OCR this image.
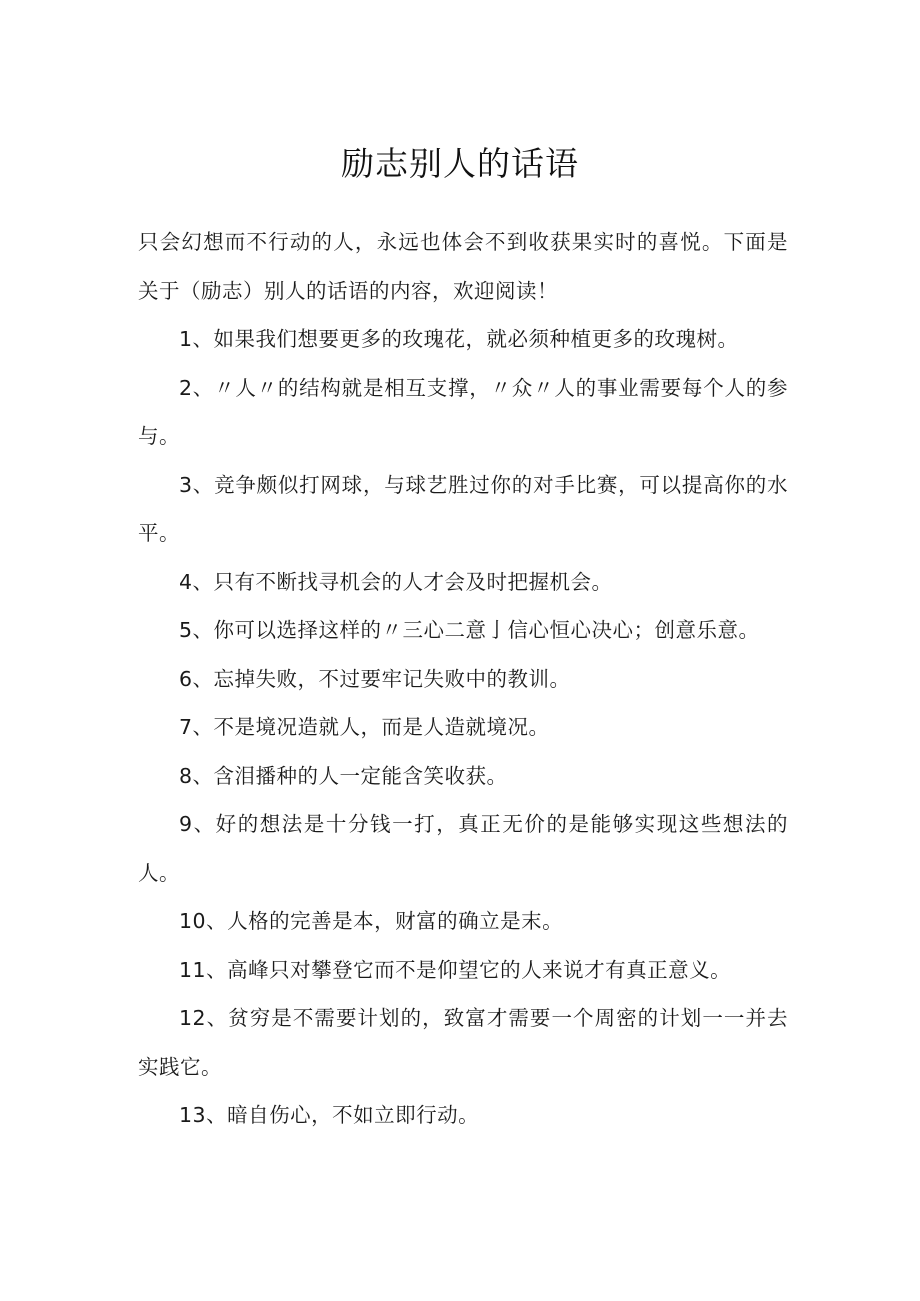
励志别人的话语

只会幻想而不行动的人，永远也体会不到收获果实时的喜悦。下面是关于（励志）别人的话语的内容，欢迎阅读！

1、如果我们想要更多的玫瑰花，就必须种植更多的玫瑰树。

2、〃人〃的结构就是相互支撑，〃众〃人的事业需要每个人的参与。

3、竞争颇似打网球，与球艺胜过你的对手比赛，可以提高你的水平。

4、只有不断找寻机会的人才会及时把握机会。

5、你可以选择这样的〃三心二意亅信心恒心决心；创意乐意。

6、忘掉失败，不过要牢记失败中的教训。

7、不是境况造就人，而是人造就境况。

8、含泪播种的人一定能含笑收获。

9、好的想法是十分钱一打，真正无价的是能够实现这些想法的人。

10、人格的完善是本，财富的确立是末。

11、高峰只对攀登它而不是仰望它的人来说才有真正意义。

12、贫穷是不需要计划的，致富才需要一个周密的计划一一并去实践它。

13、暗自伤心，不如立即行动。
